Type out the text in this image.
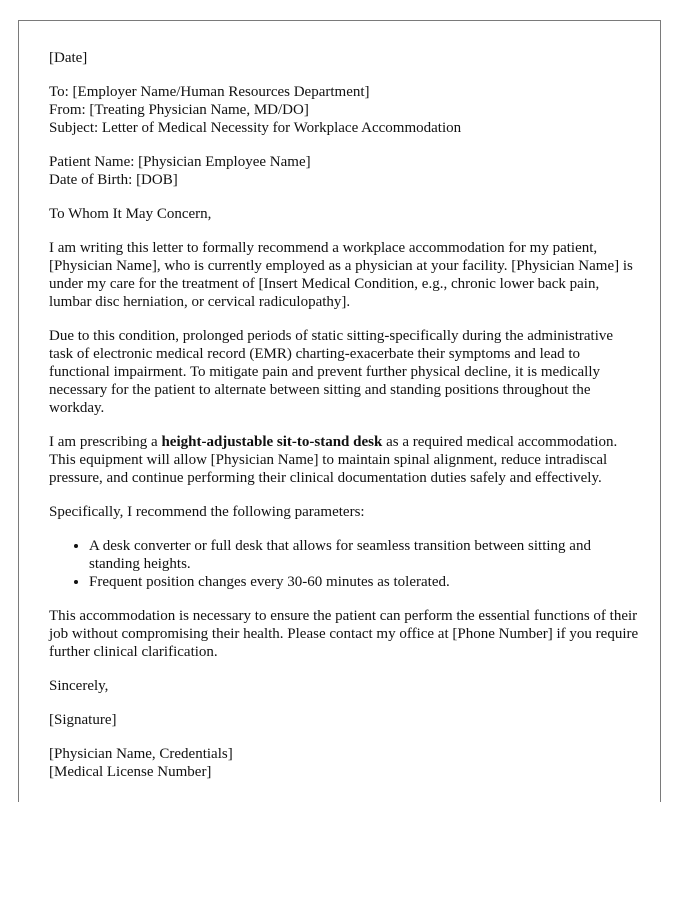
[Date]
To: [Employer Name/Human Resources Department]
From: [Treating Physician Name, MD/DO]
Subject: Letter of Medical Necessity for Workplace Accommodation
Patient Name: [Physician Employee Name]
Date of Birth: [DOB]

To Whom It May Concern,

I am writing this letter to formally recommend a workplace accommodation for my patient, [Physician Name], who is currently employed as a physician at your facility. [Physician Name] is under my care for the treatment of [Insert Medical Condition, e.g., chronic lower back pain, lumbar disc herniation, or cervical radiculopathy].

Due to this condition, prolonged periods of static sitting-specifically during the administrative task of electronic medical record (EMR) charting-exacerbate their symptoms and lead to functional impairment. To mitigate pain and prevent further physical decline, it is medically necessary for the patient to alternate between sitting and standing positions throughout the workday.

I am prescribing a height-adjustable sit-to-stand desk as a required medical accommodation. This equipment will allow [Physician Name] to maintain spinal alignment, reduce intradiscal pressure, and continue performing their clinical documentation duties safely and effectively.

Specifically, I recommend the following parameters:

• A desk converter or full desk that allows for seamless transition between sitting and standing heights.
• Frequent position changes every 30-60 minutes as tolerated.

This accommodation is necessary to ensure the patient can perform the essential functions of their job without compromising their health. Please contact my office at [Phone Number] if you require further clinical clarification.

Sincerely,

[Signature]

[Physician Name, Credentials]
[Medical License Number]
